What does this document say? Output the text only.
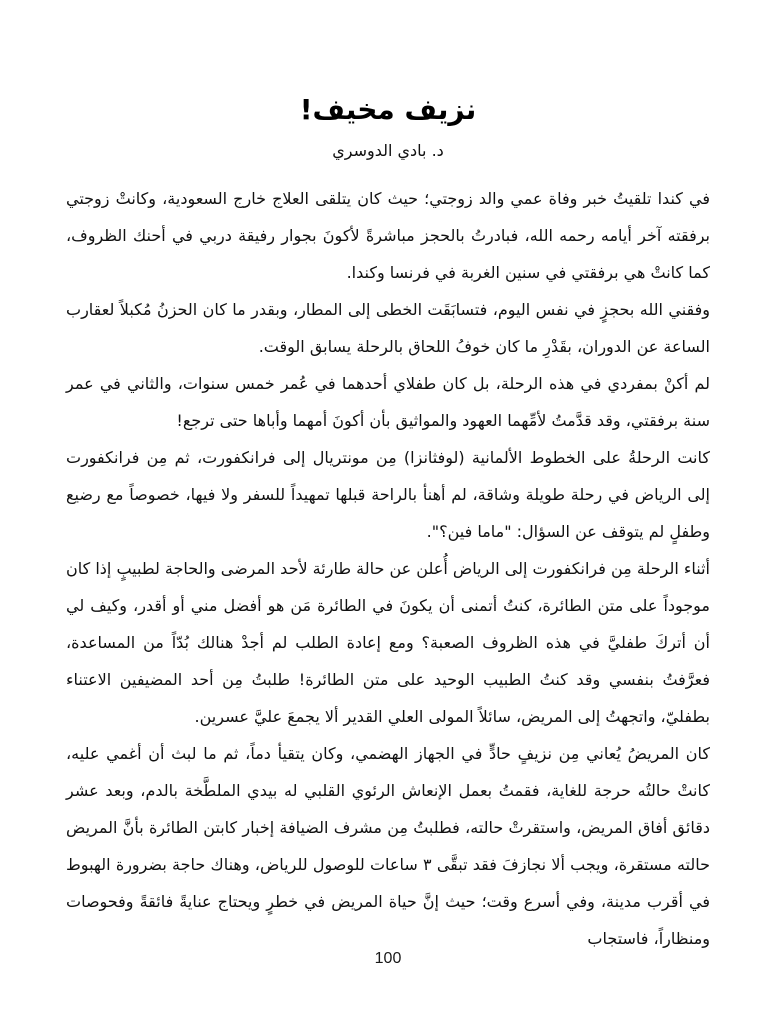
نزيف مخيف!
د. بادي الدوسري

في كندا تلقيتُ خبر وفاة عمي والد زوجتي؛ حيث كان يتلقى العلاج خارج السعودية، وكانتْ زوجتي برفقته آخر أيامه رحمه الله، فبادرتُ بالحجز مباشرةً لأكونَ بجوار رفيقة دربي في أحنك الظروف، كما كانتْ هي برفقتي في سنين الغربة في فرنسا وكندا.

وفقني الله بحجزٍ في نفس اليوم، فتسابَقَت الخطى إلى المطار، وبقدر ما كان الحزنُ مُكبلاً لعقارب الساعة عن الدوران، بقَدْرِ ما كان خوفُ اللحاق بالرحلة يسابق الوقت.

لم أكنْ بمفردي في هذه الرحلة، بل كان طفلاي أحدهما في عُمر خمس سنوات، والثاني في عمر سنة برفقتي، وقد قدَّمتُ لأمِّهما العهود والمواثيق بأن أكونَ أمهما وأباها حتى ترجع!

كانت الرحلةُ على الخطوط الألمانية (لوفثانزا) مِن مونتريال إلى فرانكفورت، ثم مِن فرانكفورت إلى الرياض في رحلة طويلة وشاقة، لم أهنأ بالراحة قبلها تمهيداً للسفر ولا فيها، خصوصاً مع رضيع وطفلٍ لم يتوقف عن السؤال: "ماما فين؟".

أثناء الرحلة مِن فرانكفورت إلى الرياض أُعلن عن حالة طارئة لأحد المرضى والحاجة لطبيبٍ إذا كان موجوداً على متن الطائرة، كنتُ أتمنى أن يكونَ في الطائرة مَن هو أفضل مني أو أقدر، وكيف لي أن أتركَ طفليَّ في هذه الظروف الصعبة؟ ومع إعادة الطلب لم أجدْ هنالك بُدّاً من المساعدة، فعرَّفتُ بنفسي وقد كنتُ الطبيب الوحيد على متن الطائرة! طلبتُ مِن أحد المضيفين الاعتناء بطفليّ، واتجهتُ إلى المريض، سائلاً المولى العلي القدير ألا يجمعَ عليَّ عسرين.

كان المريضُ يُعاني مِن نزيفٍ حادٍّ في الجهاز الهضمي، وكان يتقيأ دماً، ثم ما لبث أن أغمي عليه، كانتْ حالتُه حرجة للغاية، فقمتُ بعمل الإنعاش الرئوي القلبي له بيدي الملطَّخة بالدم، وبعد عشر دقائق أفاق المريض، واستقرتْ حالته، فطلبتُ مِن مشرف الضيافة إخبار كابتن الطائرة بأنَّ المريض حالته مستقرة، ويجب ألا نجازفَ فقد تبقَّى ٣ ساعات للوصول للرياض، وهناك حاجة بضرورة الهبوط في أقرب مدينة، وفي أسرع وقت؛ حيث إنَّ حياة المريض في خطرٍ ويحتاج عنايةً فائقةً وفحوصات ومنظاراً، فاستجاب

100
